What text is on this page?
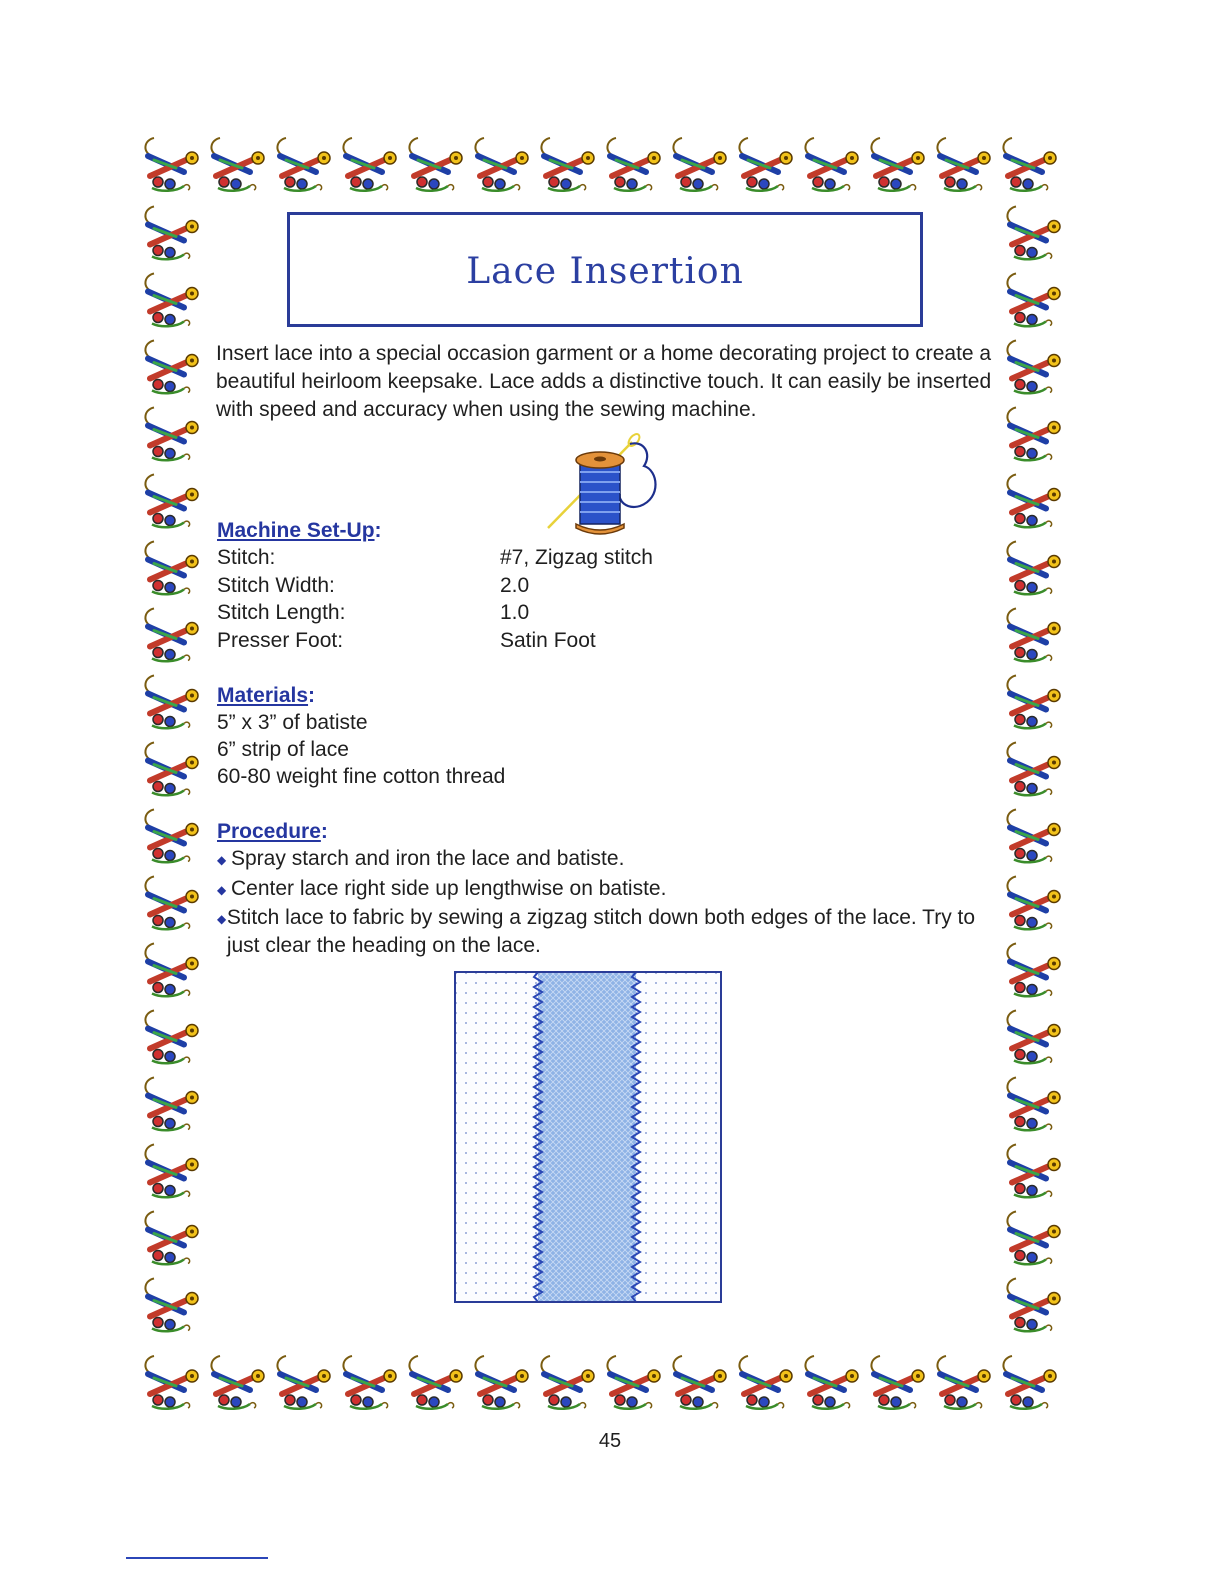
Lace Insertion

Insert lace into a special occasion garment or a home decorating project to create a beautiful heirloom keepsake. Lace adds a distinctive touch. It can easily be inserted with speed and accuracy when using the sewing machine.

Machine Set-Up:
Stitch:	#7, Zigzag stitch
Stitch Width:	2.0
Stitch Length:	1.0
Presser Foot:	Satin Foot
Materials:
5” x 3” of batiste
6” strip of lace
60-80 weight fine cotton thread
Procedure:
◆ Spray starch and iron the lace and batiste.
◆ Center lace right side up lengthwise on batiste.
◆ Stitch lace to fabric by sewing a zigzag stitch down both edges of the lace. Try to just clear the heading on the lace.
45
